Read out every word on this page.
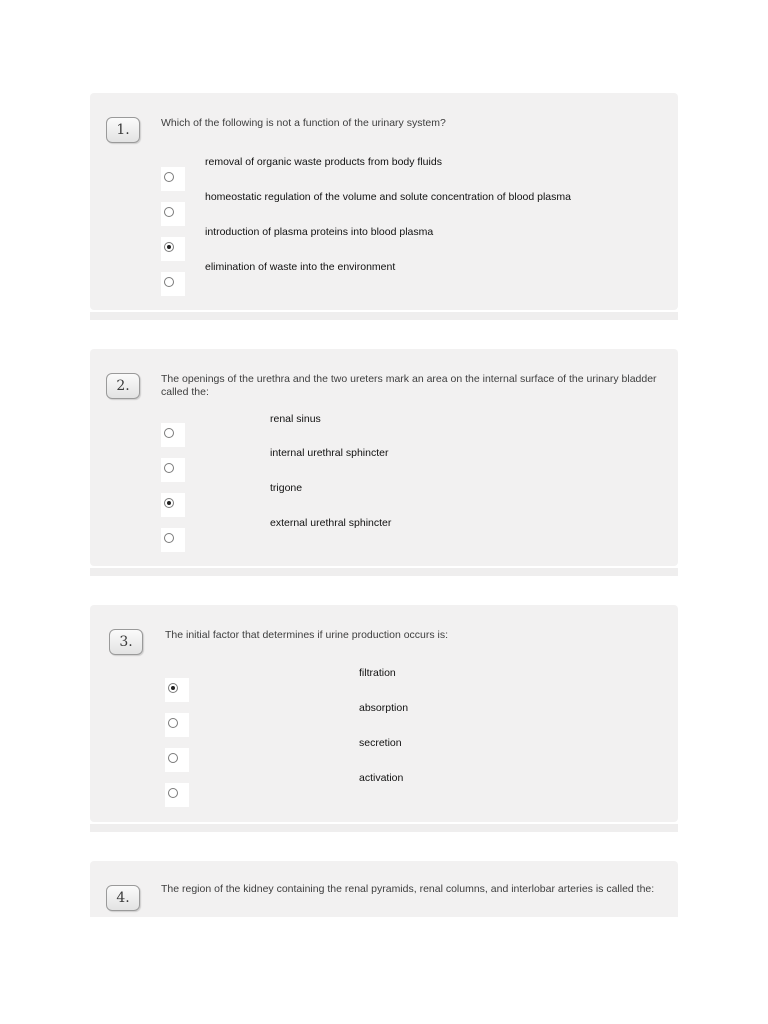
1.	Which of the following is not a function of the urinary system?
removal of organic waste products from body fluids
homeostatic regulation of the volume and solute concentration of blood plasma
introduction of plasma proteins into blood plasma
elimination of waste into the environment
2.	The openings of the urethra and the two ureters mark an area on the internal surface of the urinary bladder called the:
renal sinus
internal urethral sphincter
trigone
external urethral sphincter
3.	The initial factor that determines if urine production occurs is:
filtration
absorption
secretion
activation
4.
The region of the kidney containing the renal pyramids, renal columns, and interlobar arteries is called the:
